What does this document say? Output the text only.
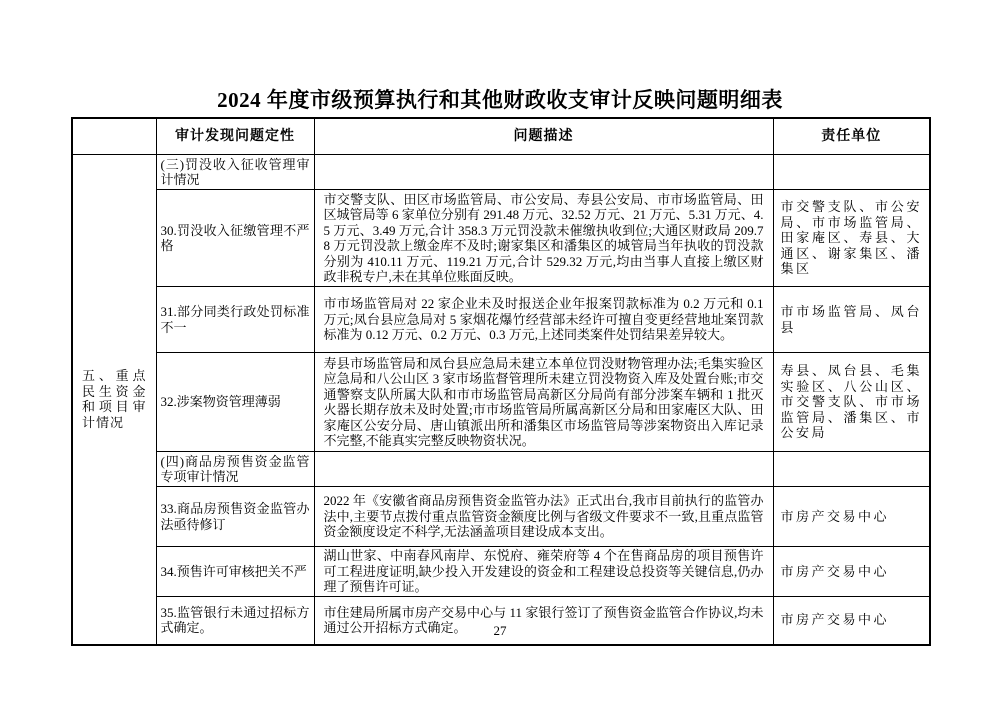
2024 年度市级预算执行和其他财政收支审计反映问题明细表
	审计发现问题定性	问题描述	责任单位
五、重点民生资金和项目审计情况	(三)罚没收入征收管理审计情况		
	30.罚没收入征缴管理不严格	市交警支队、田区市场监管局、市公安局、寿县公安局、市市场监管局、田区城管局等 6 家单位分别有 291.48 万元、32.52 万元、21 万元、5.31 万元、4.5 万元、3.49 万元,合计 358.3 万元罚没款未催缴执收到位;大通区财政局 209.78 万元罚没款上缴金库不及时;谢家集区和潘集区的城管局当年执收的罚没款分别为 410.11 万元、119.21 万元,合计 529.32 万元,均由当事人直接上缴区财政非税专户,未在其单位账面反映。	市交警支队、市公安局、市市场监管局、田家庵区、寿县、大通区、谢家集区、潘集区
	31.部分同类行政处罚标准不一	市市场监管局对 22 家企业未及时报送企业年报案罚款标准为 0.2 万元和 0.1 万元;凤台县应急局对 5 家烟花爆竹经营部未经许可擅自变更经营地址案罚款标准为 0.12 万元、0.2 万元、0.3 万元,上述同类案件处罚结果差异较大。	市市场监管局、凤台县
	32.涉案物资管理薄弱	寿县市场监管局和凤台县应急局未建立本单位罚没财物管理办法;毛集实验区应急局和八公山区 3 家市场监督管理所未建立罚没物资入库及处置台账;市交通警察支队所属大队和市市场监管局高新区分局尚有部分涉案车辆和 1 批灭火器长期存放未及时处置;市市场监管局所属高新区分局和田家庵区大队、田家庵区公安分局、唐山镇派出所和潘集区市场监管局等涉案物资出入库记录不完整,不能真实完整反映物资状况。	寿县、凤台县、毛集实验区、八公山区、市交警支队、市市场监管局、潘集区、市公安局
	(四)商品房预售资金监管专项审计情况		
	33.商品房预售资金监管办法亟待修订	2022 年《安徽省商品房预售资金监管办法》正式出台,我市目前执行的监管办法中,主要节点拨付重点监管资金额度比例与省级文件要求不一致,且重点监管资金额度设定不科学,无法涵盖项目建设成本支出。	市房产交易中心
	34.预售许可审核把关不严	湖山世家、中南春风南岸、东悦府、雍荣府等 4 个在售商品房的项目预售许可工程进度证明,缺少投入开发建设的资金和工程建设总投资等关键信息,仍办理了预售许可证。	市房产交易中心
	35.监管银行未通过招标方式确定。	市住建局所属市房产交易中心与 11 家银行签订了预售资金监管合作协议,均未通过公开招标方式确定。	市房产交易中心
27
